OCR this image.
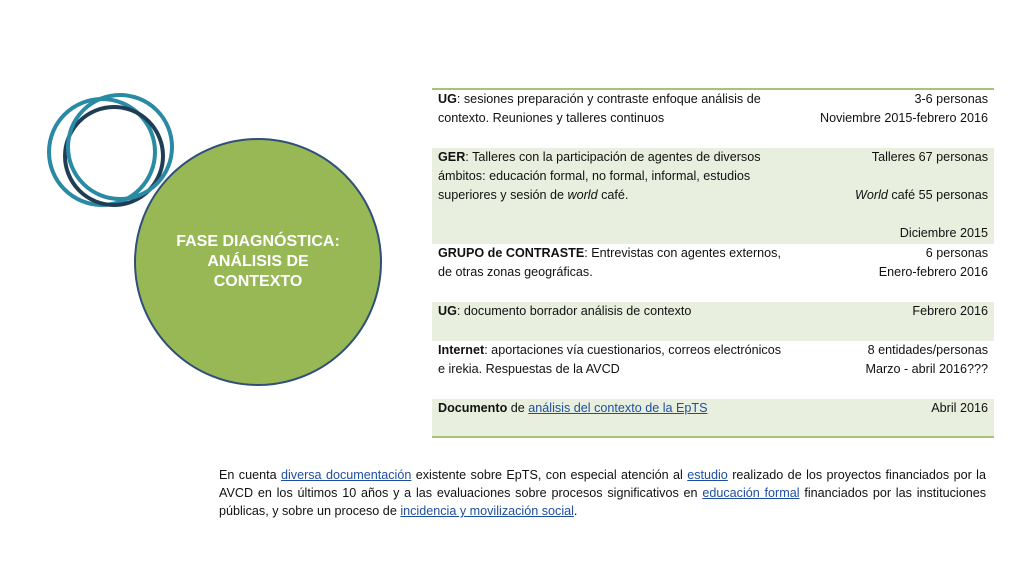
FASE DIAGNÓSTICA: ANÁLISIS DE CONTEXTO
UG: sesiones preparación y contraste enfoque análisis de contexto. Reuniones y talleres continuos	3-6 personas
Noviembre 2015-febrero 2016

GER: Talleres con la participación de agentes de diversos ámbitos: educación formal, no formal, informal, estudios superiores y sesión de world café.	Talleres 67 personas
World café 55 personas
Diciembre 2015

GRUPO de CONTRASTE: Entrevistas con agentes externos, de otras zonas geográficas.	6 personas
Enero-febrero 2016

UG: documento borrador análisis de contexto	Febrero 2016

Internet: aportaciones vía cuestionarios, correos electrónicos e irekia. Respuestas de la AVCD	8 entidades/personas
Marzo - abril 2016???

Documento de análisis del contexto de la EpTS	Abril 2016
En cuenta diversa documentación existente sobre EpTS, con especial atención al estudio realizado de los proyectos financiados por la AVCD en los últimos 10 años y a las evaluaciones sobre procesos significativos en educación formal financiados por las instituciones públicas, y sobre un proceso de incidencia y movilización social.
